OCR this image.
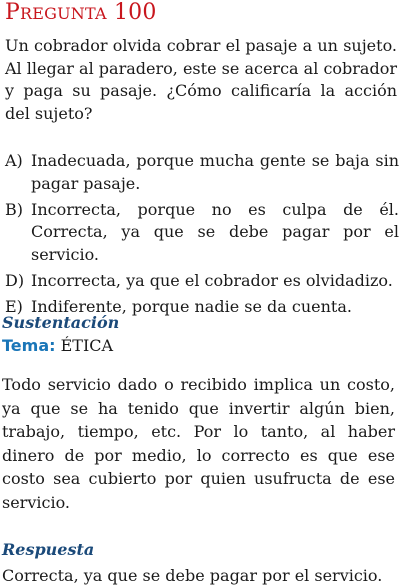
PREGUNTA 100

Un cobrador olvida cobrar el pasaje a un sujeto. Al llegar al paradero, este se acerca al cobrador y paga su pasaje. ¿Cómo calificaría la acción del sujeto?

A) Inadecuada, porque mucha gente se baja sin pagar pasaje.
B) Incorrecta, porque no es culpa de él. Correcta, ya que se debe pagar por el servicio.
D) Incorrecta, ya que el cobrador es olvidadizo.
E) Indiferente, porque nadie se da cuenta.

Sustentación

Tema: ÉTICA

Todo servicio dado o recibido implica un costo, ya que se ha tenido que invertir algún bien, trabajo, tiempo, etc. Por lo tanto, al haber dinero de por medio, lo correcto es que ese costo sea cubierto por quien usufructa de ese servicio.

Respuesta

Correcta, ya que se debe pagar por el servicio.
